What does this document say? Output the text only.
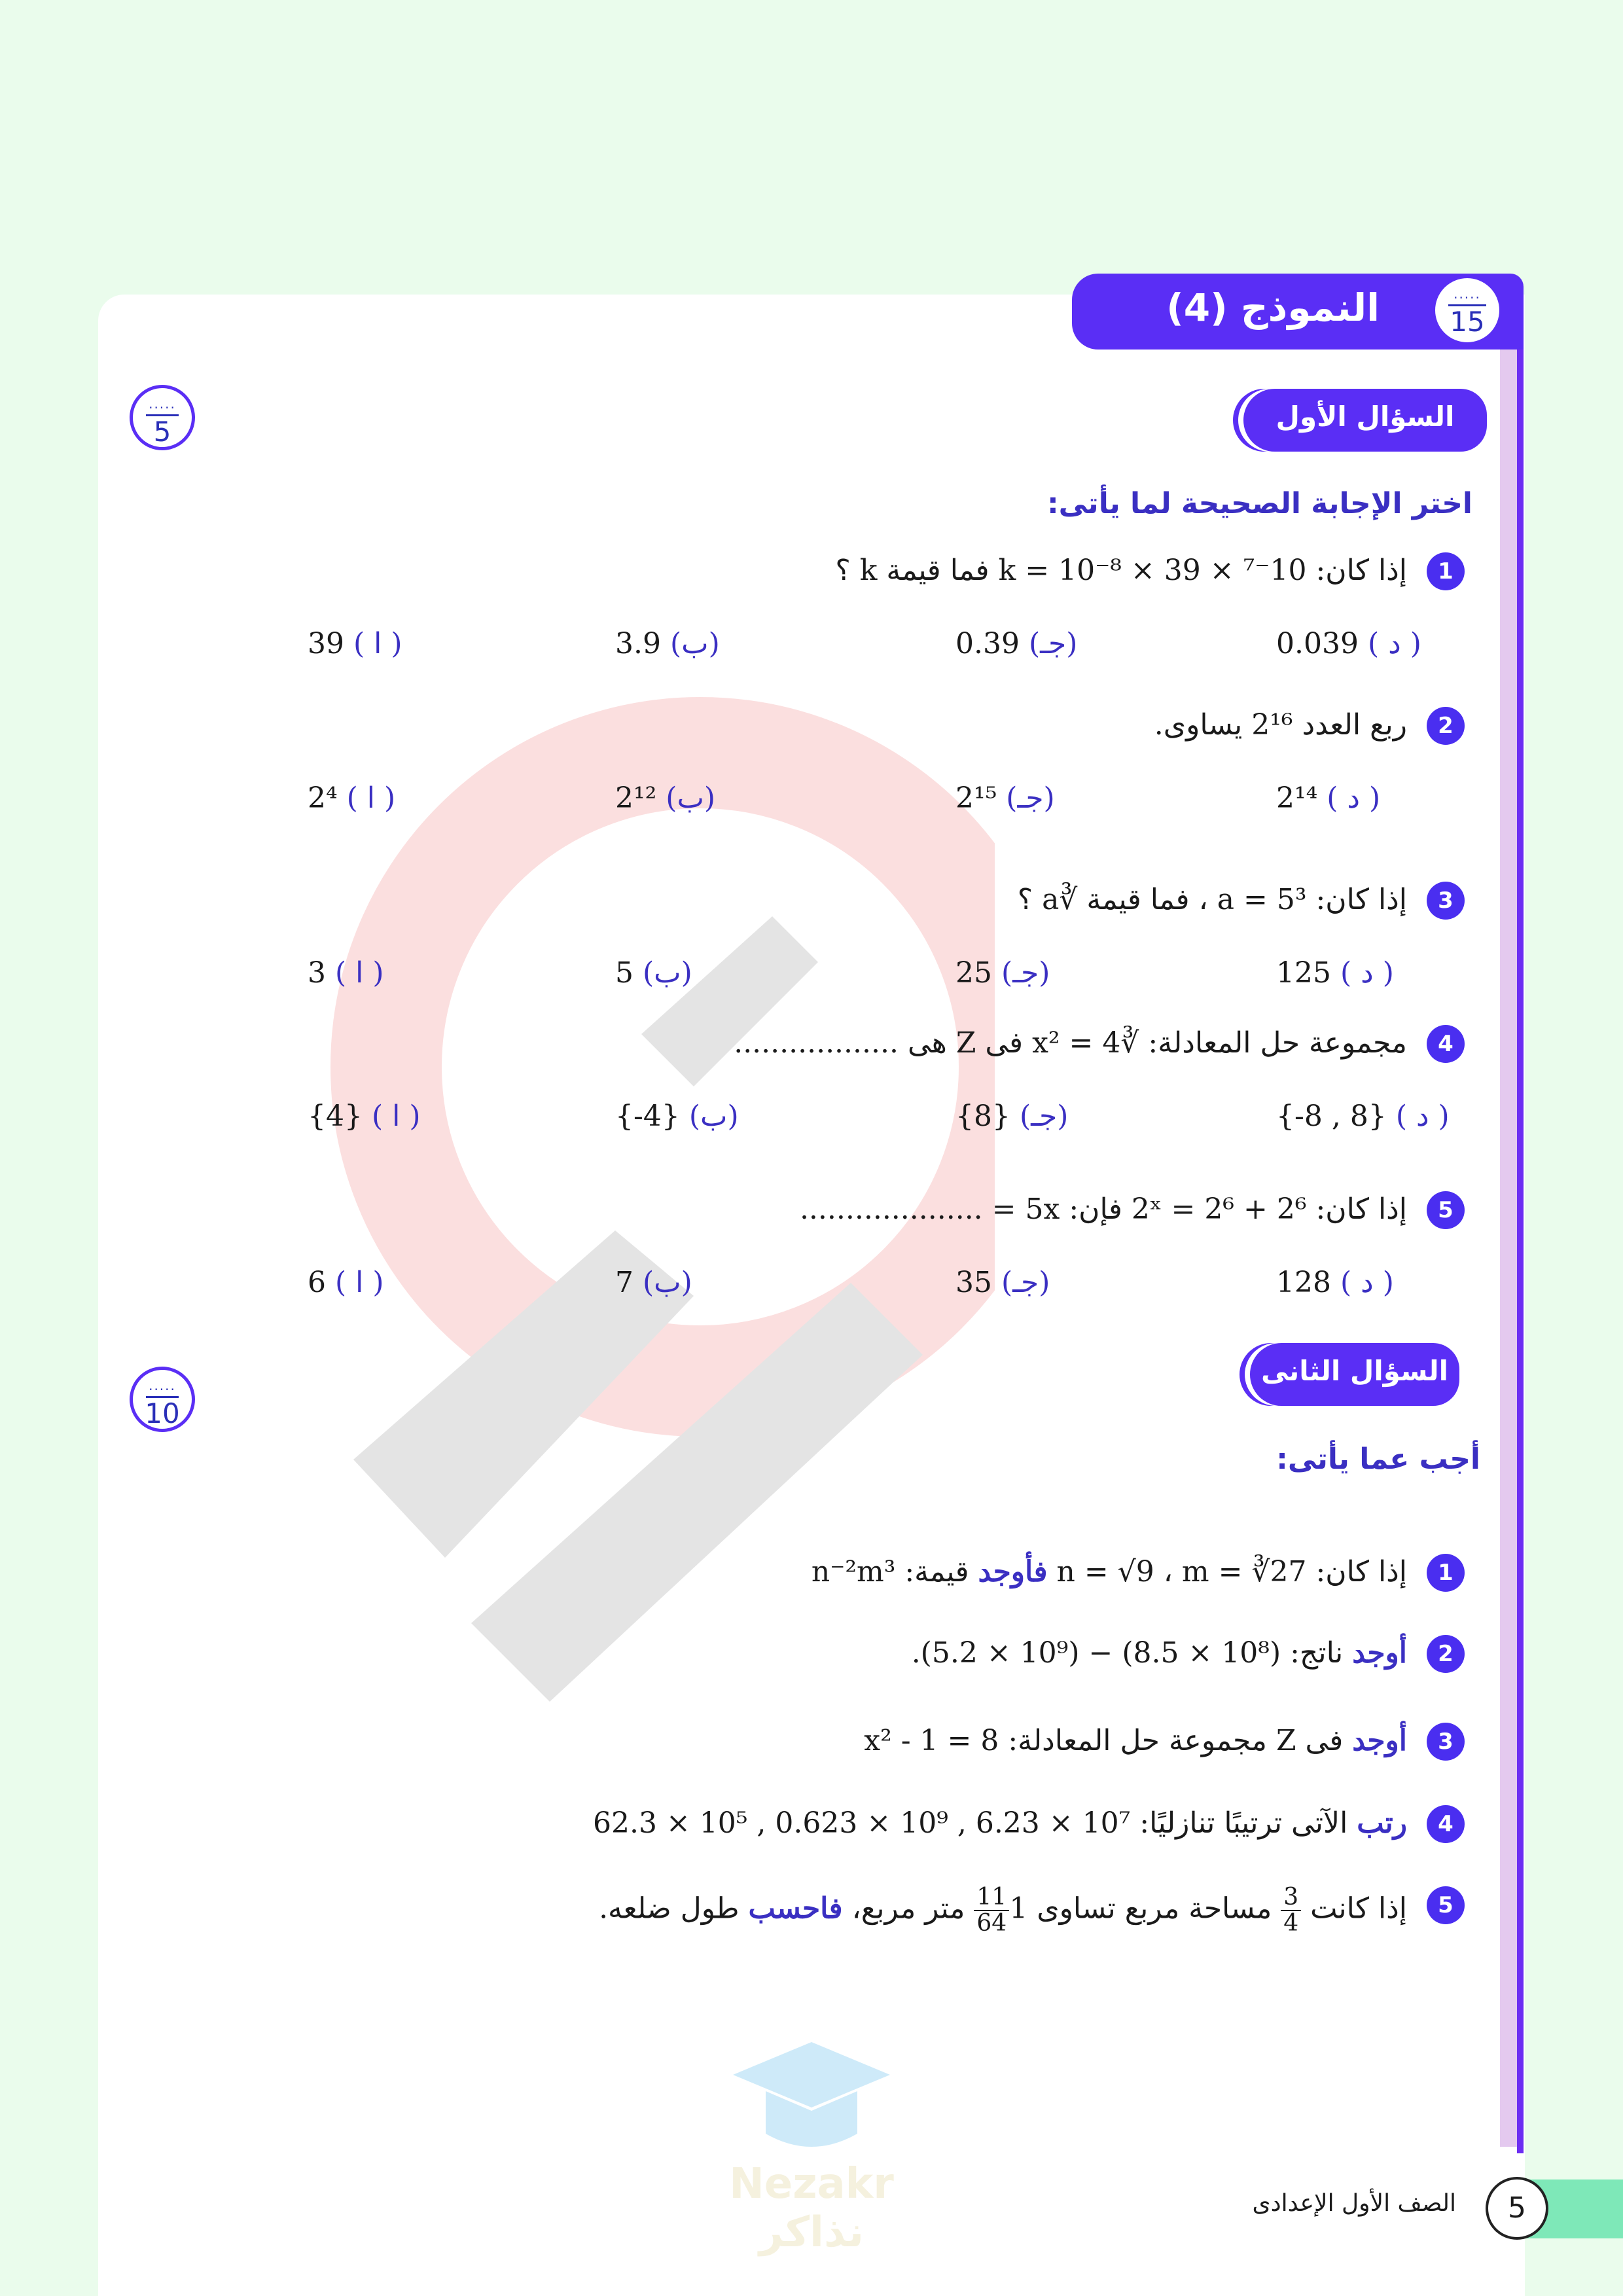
النموذج (4)	.....
15
السؤال الأول
.....
5
اختر الإجابة الصحيحة لما يأتى:
1
إذا كان: 10⁻⁷ × k = 10⁻⁸ × 39 فما قيمة k ؟
( ا )39	(ب)3.9	(جـ)0.39	( د )0.039
2
ربع العدد 2¹⁶ يساوى.
( ا )2⁴	(ب)2¹²	(جـ)2¹⁵	( د )2¹⁴
3
إذا كان: a = 5³ ، فما قيمة ∛a ؟
( ا )3	(ب)5	(جـ)25	( د )125
4
مجموعة حل المعادلة: ∛x² = 4 فى Z هى ..................
( ا ){4}	(ب){-4}	(جـ){8}	( د ){-8 , 8}
5
إذا كان: 2ˣ = 2⁶ + 2⁶ فإن: 5x = ....................
( ا )6	(ب)7	(جـ)35	( د )128
السؤال الثانى
.....
10
أجب عما يأتى:
1
إذا كان: n = √9 ، m = ∛27 فأوجد قيمة: n⁻²m³
2
أوجد ناتج: (10⁸ × 8.5) − (10⁹ × 5.2).
3
أوجد فى Z مجموعة حل المعادلة: x² - 1 = 8
4
رتب الآتى ترتيبًا تنازليًا: 10⁷ × 6.23 , 10⁹ × 0.623 , 10⁵ × 62.3
5
إذا كانت
$\frac{3}{4}$
مساحة مربع تساوى 1
$\frac{11}{64}$
متر مربع، فاحسب طول ضلعه.
Nezakr نذاكر
5
الصف الأول الإعدادى
